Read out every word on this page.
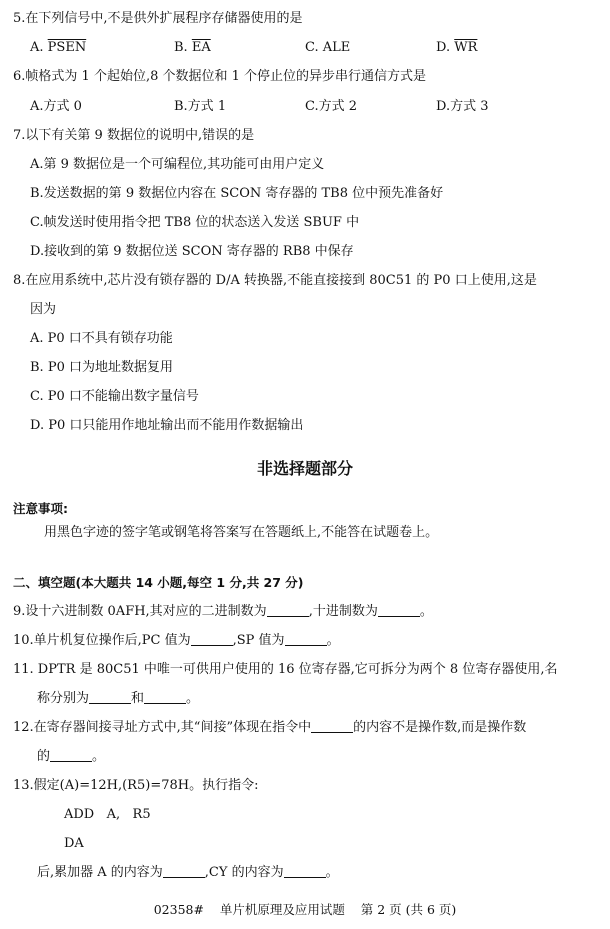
5.在下列信号中,不是供外扩展程序存储器使用的是
A. PSEN	B. $\overline{EA}$	C. ALE	D. $\overline{WR}$
6.帧格式为 1 个起始位,8 个数据位和 1 个停止位的异步串行通信方式是
A.方式 0	B.方式 1	C.方式 2	D.方式 3
7.以下有关第 9 数据位的说明中,错误的是
A.第 9 数据位是一个可编程位,其功能可由用户定义
B.发送数据的第 9 数据位内容在 SCON 寄存器的 TB8 位中预先准备好
C.帧发送时使用指令把 TB8 位的状态送入发送 SBUF 中
D.接收到的第 9 数据位送 SCON 寄存器的 RB8 中保存
8.在应用系统中,芯片没有锁存器的 D/A 转换器,不能直接接到 80C51 的 P0 口上使用,这是
因为
A. P0 口不具有锁存功能
B. P0 口为地址数据复用
C. P0 口不能输出数字量信号
D. P0 口只能用作地址输出而不能用作数据输出
非选择题部分
注意事项:
用黑色字迹的签字笔或钢笔将答案写在答题纸上,不能答在试题卷上。
二、填空题(本大题共 14 小题,每空 1 分,共 27 分)
9.设十六进制数 0AFH,其对应的二进制数为	,十进制数为	。
10.单片机复位操作后,PC 值为	,SP 值为	。
11. DPTR 是 80C51 中唯一可供用户使用的 16 位寄存器,它可拆分为两个 8 位寄存器使用,名
称分别为	和	。
12.在寄存器间接寻址方式中,其“间接”体现在指令中	的内容不是操作数,而是操作数
的	。
13.假定(A)=12H,(R5)=78H。执行指令:
ADD   A,   R5
DA
后,累加器 A 的内容为	,CY 的内容为	。
02358#    单片机原理及应用试题    第 2 页 (共 6 页)
